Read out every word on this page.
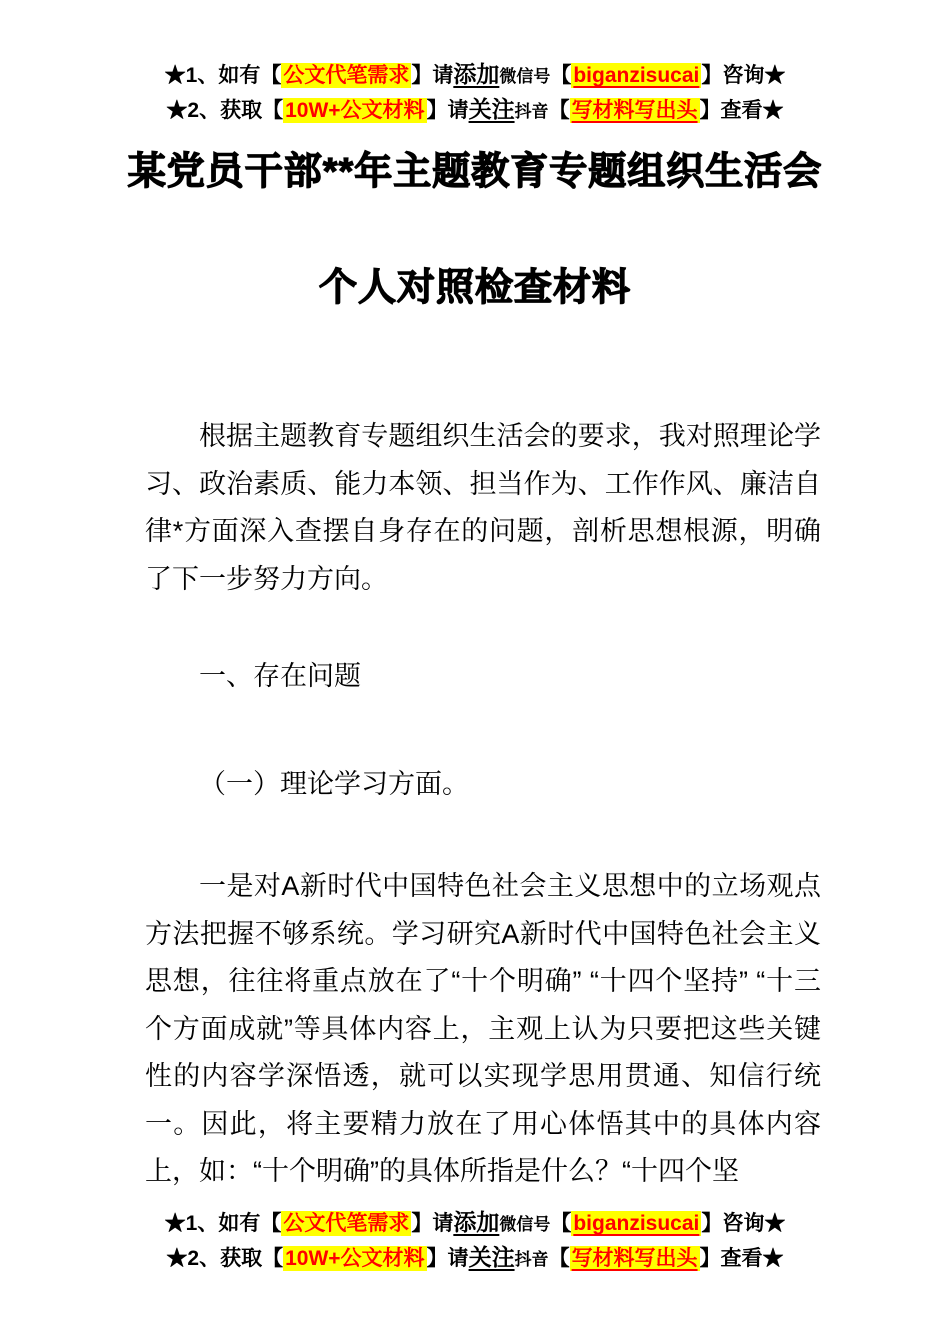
★1、如有【公文代笔需求】请添加微信号【biganzisucai】咨询★
★2、获取【10W+公文材料】请关注抖音【写材料写出头】查看★
某党员干部**年主题教育专题组织生活会
个人对照检查材料

根据主题教育专题组织生活会的要求，我对照理论学习、政治素质、能力本领、担当作为、工作作风、廉洁自律*方面深入查摆自身存在的问题，剖析思想根源，明确了下一步努力方向。

一、存在问题

（一）理论学习方面。

一是对A新时代中国特色社会主义思想中的立场观点方法把握不够系统。学习研究A新时代中国特色社会主义思想，往往将重点放在了“十个明确” “十四个坚持” “十三个方面成就”等具体内容上，主观上认为只要把这些关键性的内容学深悟透，就可以实现学思用贯通、知信行统一。因此，将主要精力放在了用心体悟其中的具体内容上，如：“十个明确”的具体所指是什么？“十四个坚

★1、如有【公文代笔需求】请添加微信号【biganzisucai】咨询★
★2、获取【10W+公文材料】请关注抖音【写材料写出头】查看★
